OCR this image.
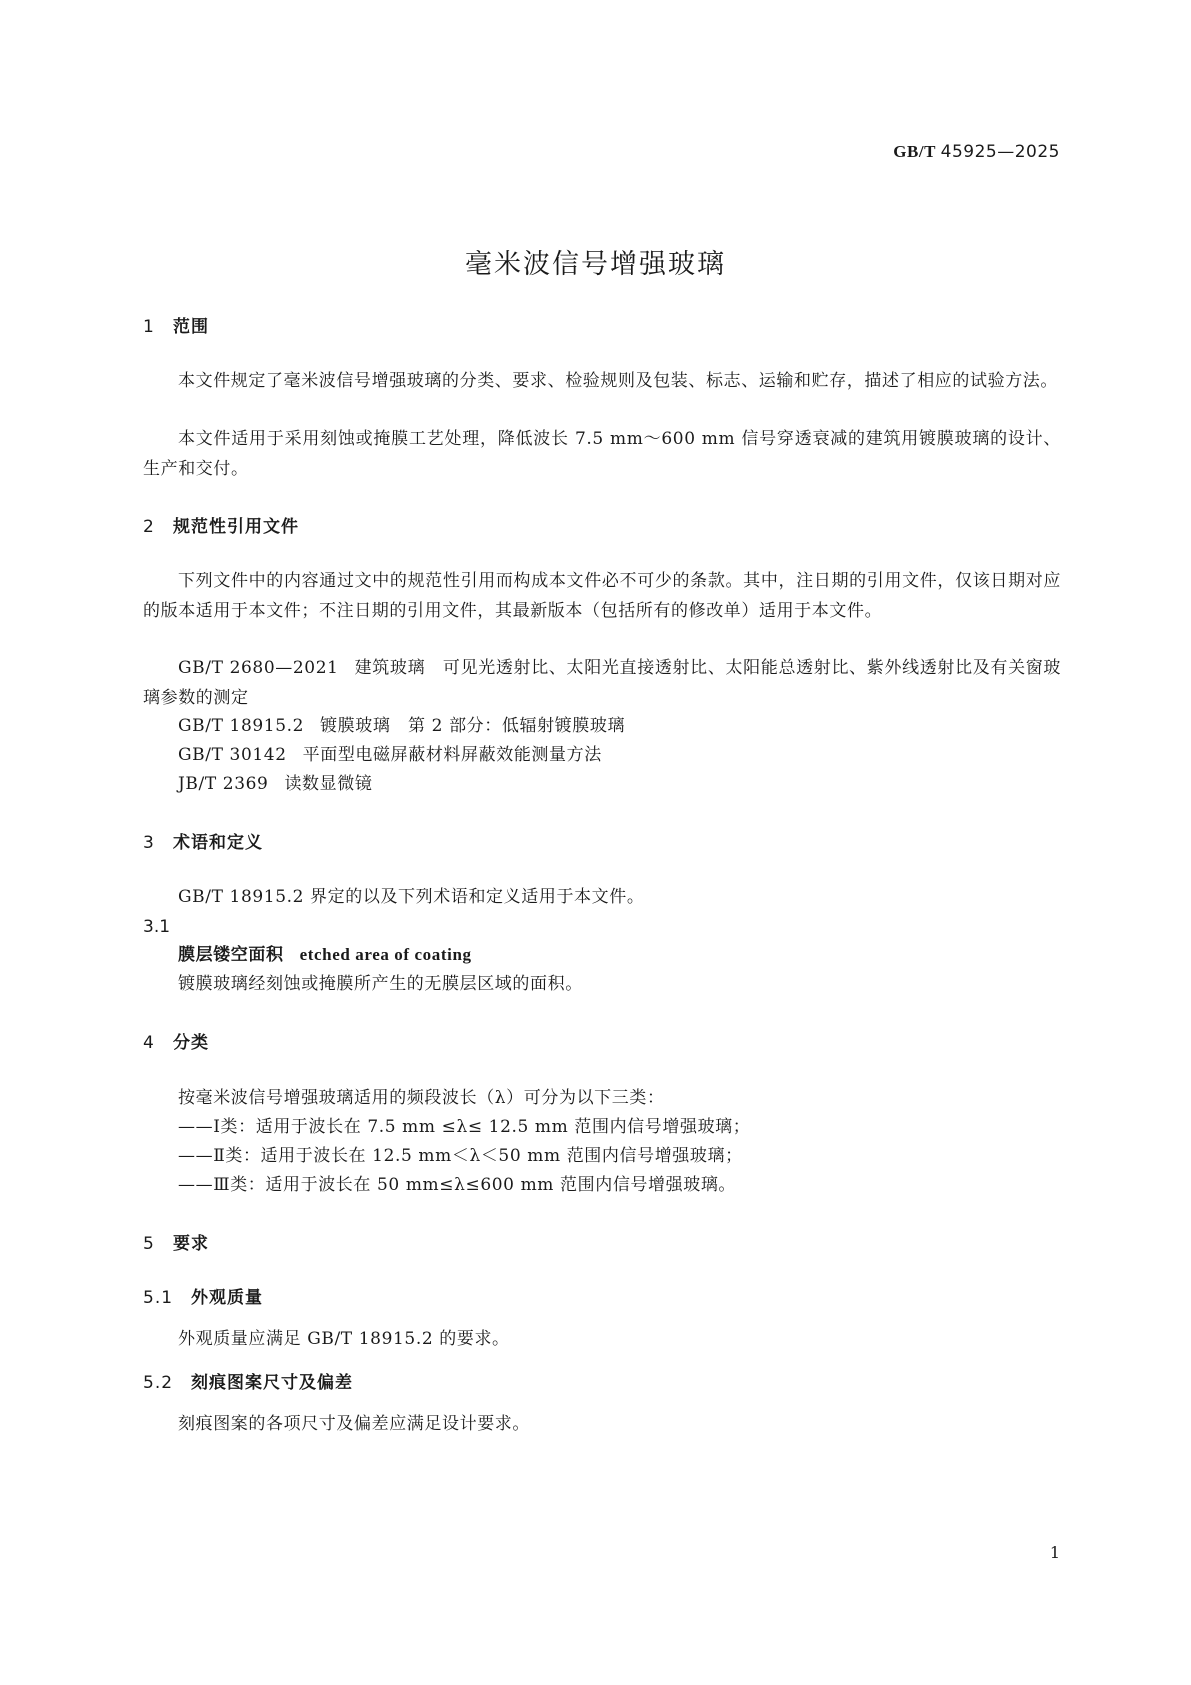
GB/T 45925—2025
毫米波信号增强玻璃
1 范围
本文件规定了毫米波信号增强玻璃的分类、要求、检验规则及包装、标志、运输和贮存，描述了相应的试验方法。
本文件适用于采用刻蚀或掩膜工艺处理，降低波长 7.5 mm～600 mm 信号穿透衰减的建筑用镀膜玻璃的设计、生产和交付。
2 规范性引用文件
下列文件中的内容通过文中的规范性引用而构成本文件必不可少的条款。其中，注日期的引用文件，仅该日期对应的版本适用于本文件；不注日期的引用文件，其最新版本（包括所有的修改单）适用于本文件。
GB/T 2680—2021 建筑玻璃　可见光透射比、太阳光直接透射比、太阳能总透射比、紫外线透射比及有关窗玻璃参数的测定
GB/T 18915.2 镀膜玻璃　第 2 部分：低辐射镀膜玻璃
GB/T 30142 平面型电磁屏蔽材料屏蔽效能测量方法
JB/T 2369 读数显微镜
3 术语和定义
GB/T 18915.2 界定的以及下列术语和定义适用于本文件。
3.1
膜层镂空面积 etched area of coating
镀膜玻璃经刻蚀或掩膜所产生的无膜层区域的面积。
4 分类
按毫米波信号增强玻璃适用的频段波长（λ）可分为以下三类：
——Ⅰ类：适用于波长在 7.5 mm ≤λ≤ 12.5 mm 范围内信号增强玻璃；
——Ⅱ类：适用于波长在 12.5 mm＜λ＜50 mm 范围内信号增强玻璃；
——Ⅲ类：适用于波长在 50 mm≤λ≤600 mm 范围内信号增强玻璃。
5 要求
5.1 外观质量
外观质量应满足 GB/T 18915.2 的要求。
5.2 刻痕图案尺寸及偏差
刻痕图案的各项尺寸及偏差应满足设计要求。
1
